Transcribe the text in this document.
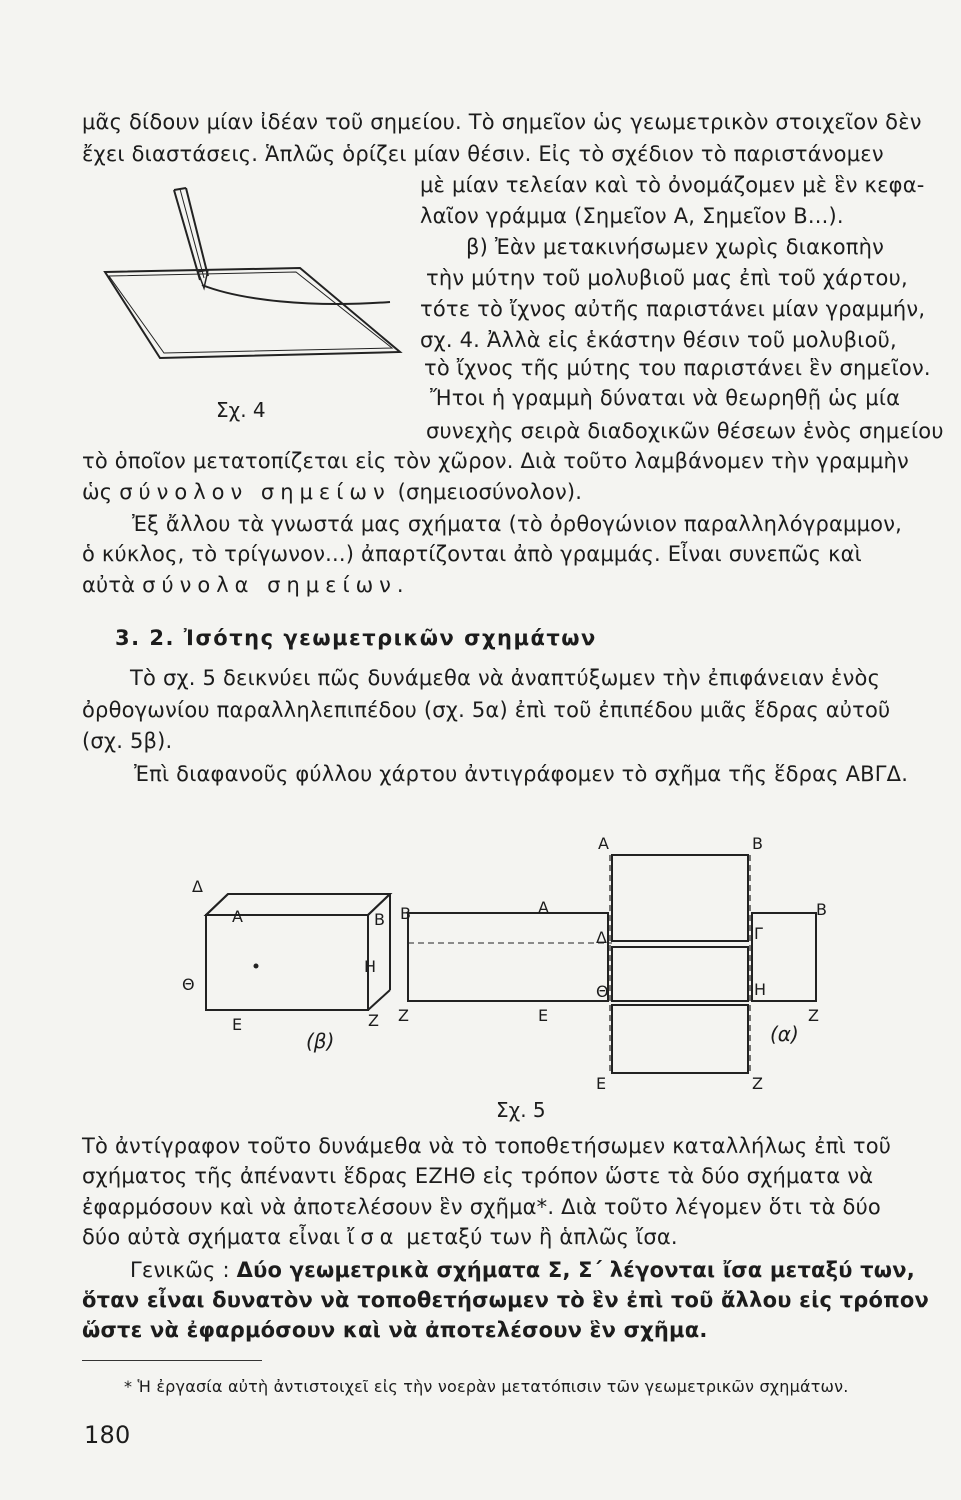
μᾶς δίδουν μίαν ἰδέαν τοῦ σημείου. Τὸ σημεῖον ὡς γεωμετρικὸν στοιχεῖον δὲν
ἔχει διαστάσεις. Ἁπλῶς ὁρίζει μίαν θέσιν. Εἰς τὸ σχέδιον τὸ παριστάνομεν
μὲ μίαν τελείαν καὶ τὸ ὀνομάζομεν μὲ ἓν κεφα-
λαῖον γράμμα (Σημεῖον Α, Σημεῖον Β...).
β) Ἐὰν μετακινήσωμεν χωρὶς διακοπὴν
τὴν μύτην τοῦ μολυβιοῦ μας ἐπὶ τοῦ χάρτου,
τότε τὸ ἴχνος αὐτῆς παριστάνει μίαν γραμμήν,
σχ. 4. Ἀλλὰ εἰς ἑκάστην θέσιν τοῦ μολυβιοῦ,
τὸ ἴχνος τῆς μύτης του παριστάνει ἓν σημεῖον.
Ἤτοι ἡ γραμμὴ δύναται νὰ θεωρηθῇ ὡς μία
συνεχὴς σειρὰ διαδοχικῶν θέσεων ἑνὸς σημείου
τὸ ὁποῖον μετατοπίζεται εἰς τὸν χῶρον. Διὰ τοῦτο λαμβάνομεν τὴν γραμμὴν
ὡς σύνολον σημείων (σημειοσύνολον).
Ἐξ ἄλλου τὰ γνωστά μας σχήματα (τὸ ὀρθογώνιον παραλληλόγραμμον,
ὁ κύκλος, τὸ τρίγωνον...) ἀπαρτίζονται ἀπὸ γραμμάς. Εἶναι συνεπῶς καὶ
αὐτὰ σύνολα σημείων.
3. 2. Ἰσότης γεωμετρικῶν σχημάτων
Τὸ σχ. 5 δεικνύει πῶς δυνάμεθα νὰ ἀναπτύξωμεν τὴν ἐπιφάνειαν ἑνὸς
ὀρθογωνίου παραλληλεπιπέδου (σχ. 5α) ἐπὶ τοῦ ἐπιπέδου μιᾶς ἕδρας αὐτοῦ
(σχ. 5β).
Ἐπὶ διαφανοῦς φύλλου χάρτου ἀντιγράφομεν τὸ σχῆμα τῆς ἕδρας ΑΒΓΔ.
Τὸ ἀντίγραφον τοῦτο δυνάμεθα νὰ τὸ τοποθετήσωμεν καταλλήλως ἐπὶ τοῦ
σχήματος τῆς ἀπέναντι ἕδρας ΕΖΗΘ εἰς τρόπον ὥστε τὰ δύο σχήματα νὰ
ἐφαρμόσουν καὶ νὰ ἀποτελέσουν ἓν σχῆμα*. Διὰ τοῦτο λέγομεν ὅτι τὰ δύο
δύο αὐτὰ σχήματα εἶναι ἴσα μεταξύ των ἢ ἁπλῶς ἴσα.
Γενικῶς : Δύο γεωμετρικὰ σχήματα Σ, Σ΄ λέγονται ἴσα μεταξύ των,
ὅταν εἶναι δυνατὸν νὰ τοποθετήσωμεν τὸ ἓν ἐπὶ τοῦ ἄλλου εἰς τρόπον
ὥστε νὰ ἐφαρμόσουν καὶ νὰ ἀποτελέσουν ἓν σχῆμα.
* Ἡ ἐργασία αὐτὴ ἀντιστοιχεῖ εἰς τὴν νοερὰν μετατόπισιν τῶν γεωμετρικῶν σχημάτων.
180
Σχ. 4
Δ
Α	Β
Η
Θ
Ε	Ζ
(β)
Α	Β
Β	Α	Β
Δ	Γ
Θ	Η
Ζ	Ε	Ζ
Ε	Ζ
(α)
Σχ. 5
